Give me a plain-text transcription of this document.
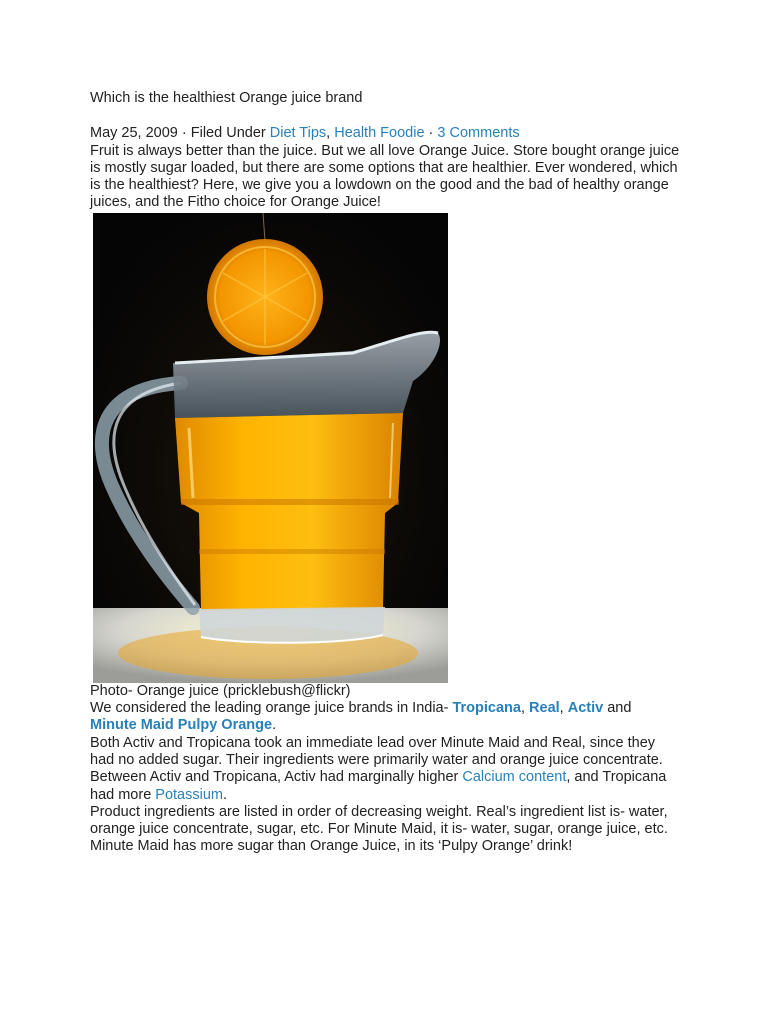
Which is the healthiest Orange juice brand
May 25, 2009 · Filed Under Diet Tips, Health Foodie · 3 Comments

Fruit is always better than the juice. But we all love Orange Juice. Store bought orange juice is mostly sugar loaded, but there are some options that are healthier. Ever wondered, which is the healthiest? Here, we give you a lowdown on the good and the bad of healthy orange juices, and the Fitho choice for Orange Juice!

Photo- Orange juice (pricklebush@flickr)

We considered the leading orange juice brands in India- Tropicana, Real, Activ and Minute Maid Pulpy Orange.

Both Activ and Tropicana took an immediate lead over Minute Maid and Real, since they had no added sugar. Their ingredients were primarily water and orange juice concentrate. Between Activ and Tropicana, Activ had marginally higher Calcium content, and Tropicana had more Potassium.

Product ingredients are listed in order of decreasing weight. Real’s ingredient list is- water, orange juice concentrate, sugar, etc. For Minute Maid, it is- water, sugar, orange juice, etc.

Minute Maid has more sugar than Orange Juice, in its ‘Pulpy Orange’ drink!
